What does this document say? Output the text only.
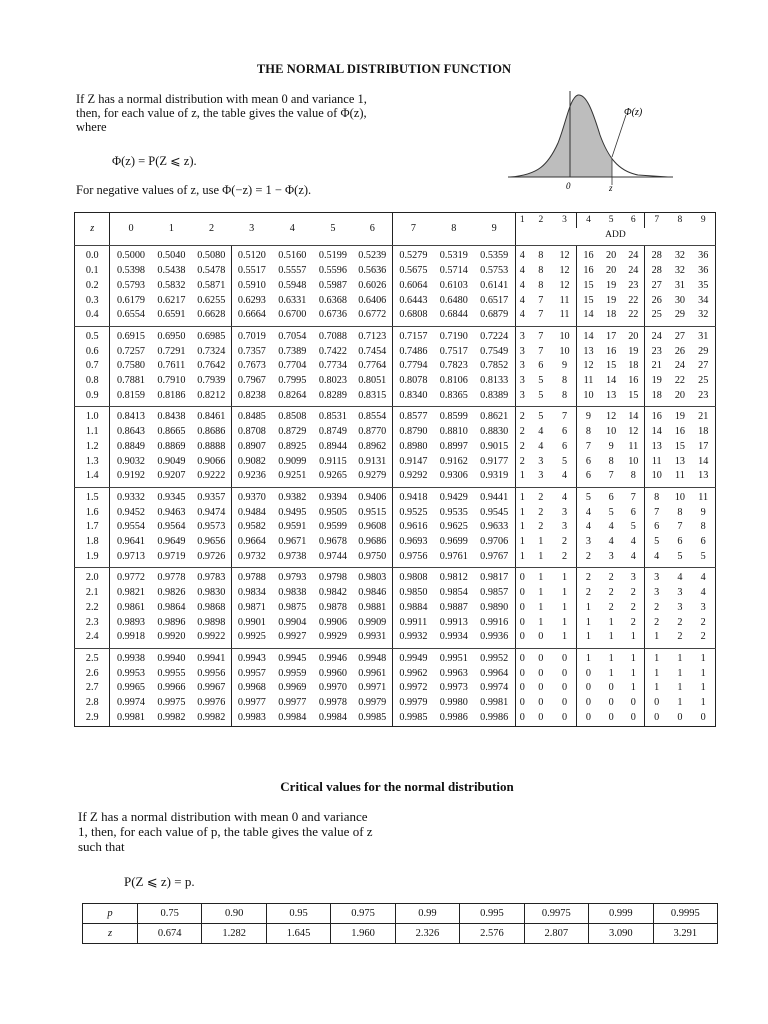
THE NORMAL DISTRIBUTION FUNCTION
If Z has a normal distribution with mean 0 and variance 1, then, for each value of z, the table gives the value of Φ(z), where
Φ(z) = P(Z ⩽ z).
For negative values of z, use Φ(−z) = 1 − Φ(z).
Φ(z)
0	z
z	0	1	2	3	4	5	6	7	8	9	1	2	3	4	5	6	7	8	9
											ADD								
0.0	0.5000	0.5040	0.5080	0.5120	0.5160	0.5199	0.5239	0.5279	0.5319	0.5359	4	8	12	16	20	24	28	32	36
0.1	0.5398	0.5438	0.5478	0.5517	0.5557	0.5596	0.5636	0.5675	0.5714	0.5753	4	8	12	16	20	24	28	32	36
0.2	0.5793	0.5832	0.5871	0.5910	0.5948	0.5987	0.6026	0.6064	0.6103	0.6141	4	8	12	15	19	23	27	31	35
0.3	0.6179	0.6217	0.6255	0.6293	0.6331	0.6368	0.6406	0.6443	0.6480	0.6517	4	7	11	15	19	22	26	30	34
0.4	0.6554	0.6591	0.6628	0.6664	0.6700	0.6736	0.6772	0.6808	0.6844	0.6879	4	7	11	14	18	22	25	29	32
0.5	0.6915	0.6950	0.6985	0.7019	0.7054	0.7088	0.7123	0.7157	0.7190	0.7224	3	7	10	14	17	20	24	27	31
0.6	0.7257	0.7291	0.7324	0.7357	0.7389	0.7422	0.7454	0.7486	0.7517	0.7549	3	7	10	13	16	19	23	26	29
0.7	0.7580	0.7611	0.7642	0.7673	0.7704	0.7734	0.7764	0.7794	0.7823	0.7852	3	6	9	12	15	18	21	24	27
0.8	0.7881	0.7910	0.7939	0.7967	0.7995	0.8023	0.8051	0.8078	0.8106	0.8133	3	5	8	11	14	16	19	22	25
0.9	0.8159	0.8186	0.8212	0.8238	0.8264	0.8289	0.8315	0.8340	0.8365	0.8389	3	5	8	10	13	15	18	20	23
1.0	0.8413	0.8438	0.8461	0.8485	0.8508	0.8531	0.8554	0.8577	0.8599	0.8621	2	5	7	9	12	14	16	19	21
1.1	0.8643	0.8665	0.8686	0.8708	0.8729	0.8749	0.8770	0.8790	0.8810	0.8830	2	4	6	8	10	12	14	16	18
1.2	0.8849	0.8869	0.8888	0.8907	0.8925	0.8944	0.8962	0.8980	0.8997	0.9015	2	4	6	7	9	11	13	15	17
1.3	0.9032	0.9049	0.9066	0.9082	0.9099	0.9115	0.9131	0.9147	0.9162	0.9177	2	3	5	6	8	10	11	13	14
1.4	0.9192	0.9207	0.9222	0.9236	0.9251	0.9265	0.9279	0.9292	0.9306	0.9319	1	3	4	6	7	8	10	11	13
1.5	0.9332	0.9345	0.9357	0.9370	0.9382	0.9394	0.9406	0.9418	0.9429	0.9441	1	2	4	5	6	7	8	10	11
1.6	0.9452	0.9463	0.9474	0.9484	0.9495	0.9505	0.9515	0.9525	0.9535	0.9545	1	2	3	4	5	6	7	8	9
1.7	0.9554	0.9564	0.9573	0.9582	0.9591	0.9599	0.9608	0.9616	0.9625	0.9633	1	2	3	4	4	5	6	7	8
1.8	0.9641	0.9649	0.9656	0.9664	0.9671	0.9678	0.9686	0.9693	0.9699	0.9706	1	1	2	3	4	4	5	6	6
1.9	0.9713	0.9719	0.9726	0.9732	0.9738	0.9744	0.9750	0.9756	0.9761	0.9767	1	1	2	2	3	4	4	5	5
2.0	0.9772	0.9778	0.9783	0.9788	0.9793	0.9798	0.9803	0.9808	0.9812	0.9817	0	1	1	2	2	3	3	4	4
2.1	0.9821	0.9826	0.9830	0.9834	0.9838	0.9842	0.9846	0.9850	0.9854	0.9857	0	1	1	2	2	2	3	3	4
2.2	0.9861	0.9864	0.9868	0.9871	0.9875	0.9878	0.9881	0.9884	0.9887	0.9890	0	1	1	1	2	2	2	3	3
2.3	0.9893	0.9896	0.9898	0.9901	0.9904	0.9906	0.9909	0.9911	0.9913	0.9916	0	1	1	1	1	2	2	2	2
2.4	0.9918	0.9920	0.9922	0.9925	0.9927	0.9929	0.9931	0.9932	0.9934	0.9936	0	0	1	1	1	1	1	2	2
2.5	0.9938	0.9940	0.9941	0.9943	0.9945	0.9946	0.9948	0.9949	0.9951	0.9952	0	0	0	1	1	1	1	1	1
2.6	0.9953	0.9955	0.9956	0.9957	0.9959	0.9960	0.9961	0.9962	0.9963	0.9964	0	0	0	0	1	1	1	1	1
2.7	0.9965	0.9966	0.9967	0.9968	0.9969	0.9970	0.9971	0.9972	0.9973	0.9974	0	0	0	0	0	1	1	1	1
2.8	0.9974	0.9975	0.9976	0.9977	0.9977	0.9978	0.9979	0.9979	0.9980	0.9981	0	0	0	0	0	0	0	1	1
2.9	0.9981	0.9982	0.9982	0.9983	0.9984	0.9984	0.9985	0.9985	0.9986	0.9986	0	0	0	0	0	0	0	0	0
Critical values for the normal distribution
If Z has a normal distribution with mean 0 and variance 1, then, for each value of p, the table gives the value of z such that
P(Z ⩽ z) = p.
p	0.75	0.90	0.95	0.975	0.99	0.995	0.9975	0.999	0.9995
z	0.674	1.282	1.645	1.960	2.326	2.576	2.807	3.090	3.291
